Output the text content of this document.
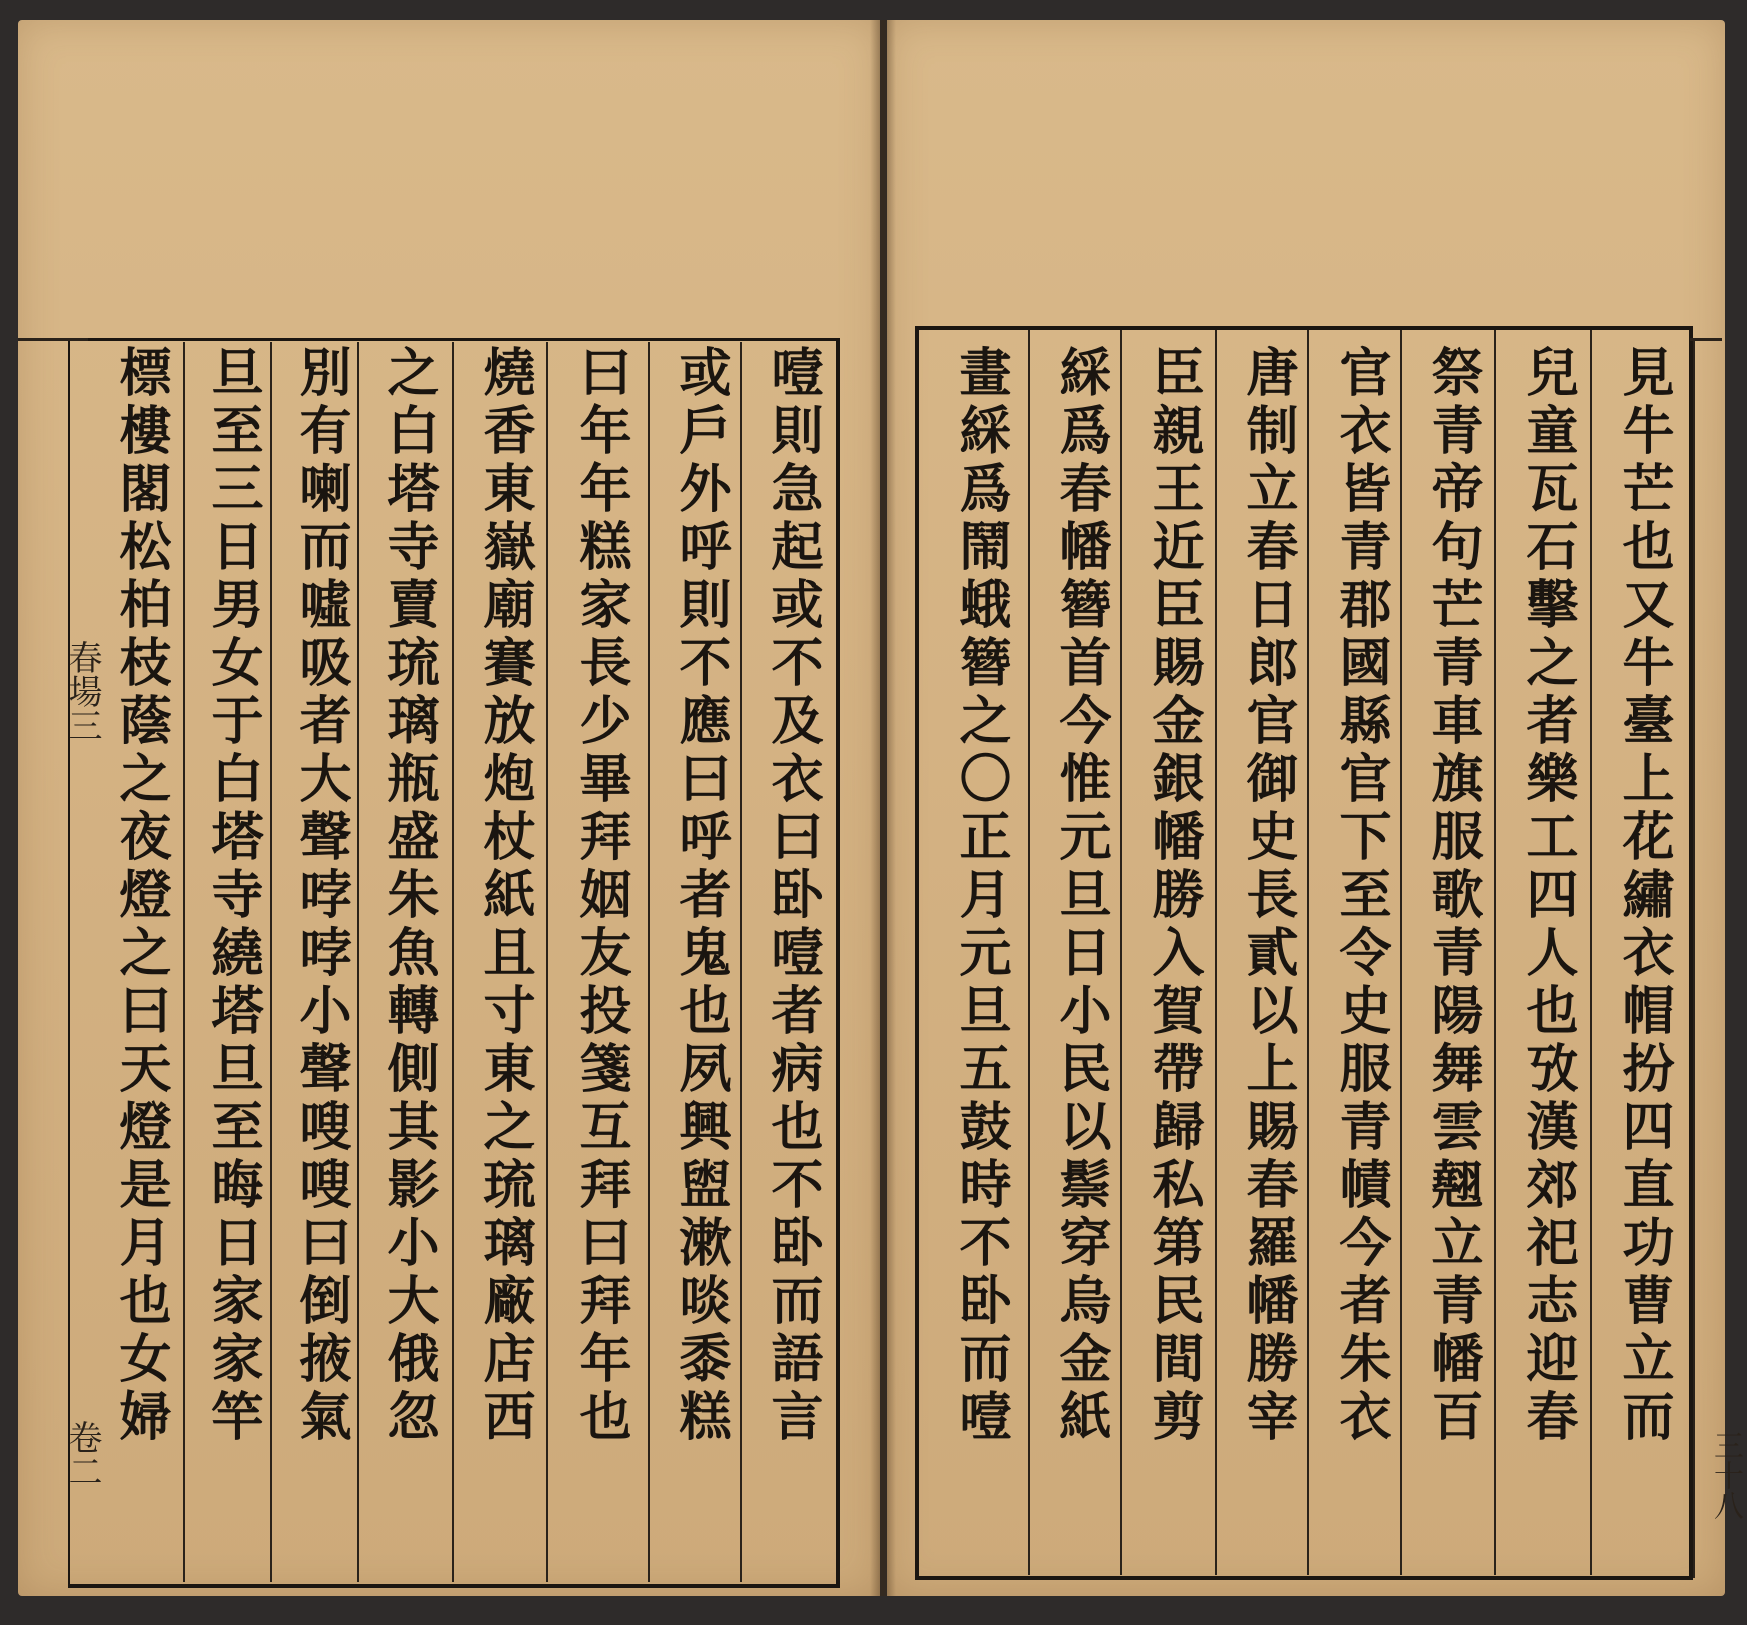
噎則急起或不及衣曰卧噎者病也不卧而語言
或戶外呼則不應曰呼者鬼也夙興盥漱啖黍糕
曰年年糕家長少畢拜姻友投箋互拜曰拜年也
燒香東嶽廟賽放炮杖紙且寸東之琉璃廠店西
之白塔寺賣琉璃瓶盛朱魚轉側其影小大俄忽
別有喇而噓吸者大聲哱哱小聲嗖嗖曰倒掖氣
旦至三日男女于白塔寺繞塔旦至晦日家家竿
標樓閣松柏枝蔭之夜燈之曰天燈是月也女婦
春場三
卷二
見牛芒也又牛臺上花繡衣帽扮四直功曹立而
兒童瓦石擊之者樂工四人也攷漢郊祀志迎春
祭青帝句芒青車旗服歌青陽舞雲翹立青幡百
官衣皆青郡國縣官下至令史服青幘今者朱衣
唐制立春日郎官御史長貳以上賜春羅幡勝宰
臣親王近臣賜金銀幡勝入賀帶歸私第民間剪
綵爲春幡簪首今惟元旦日小民以鬃穿烏金紙
畫綵爲鬧蛾簪之〇正月元旦五鼓時不卧而噎
三十八
